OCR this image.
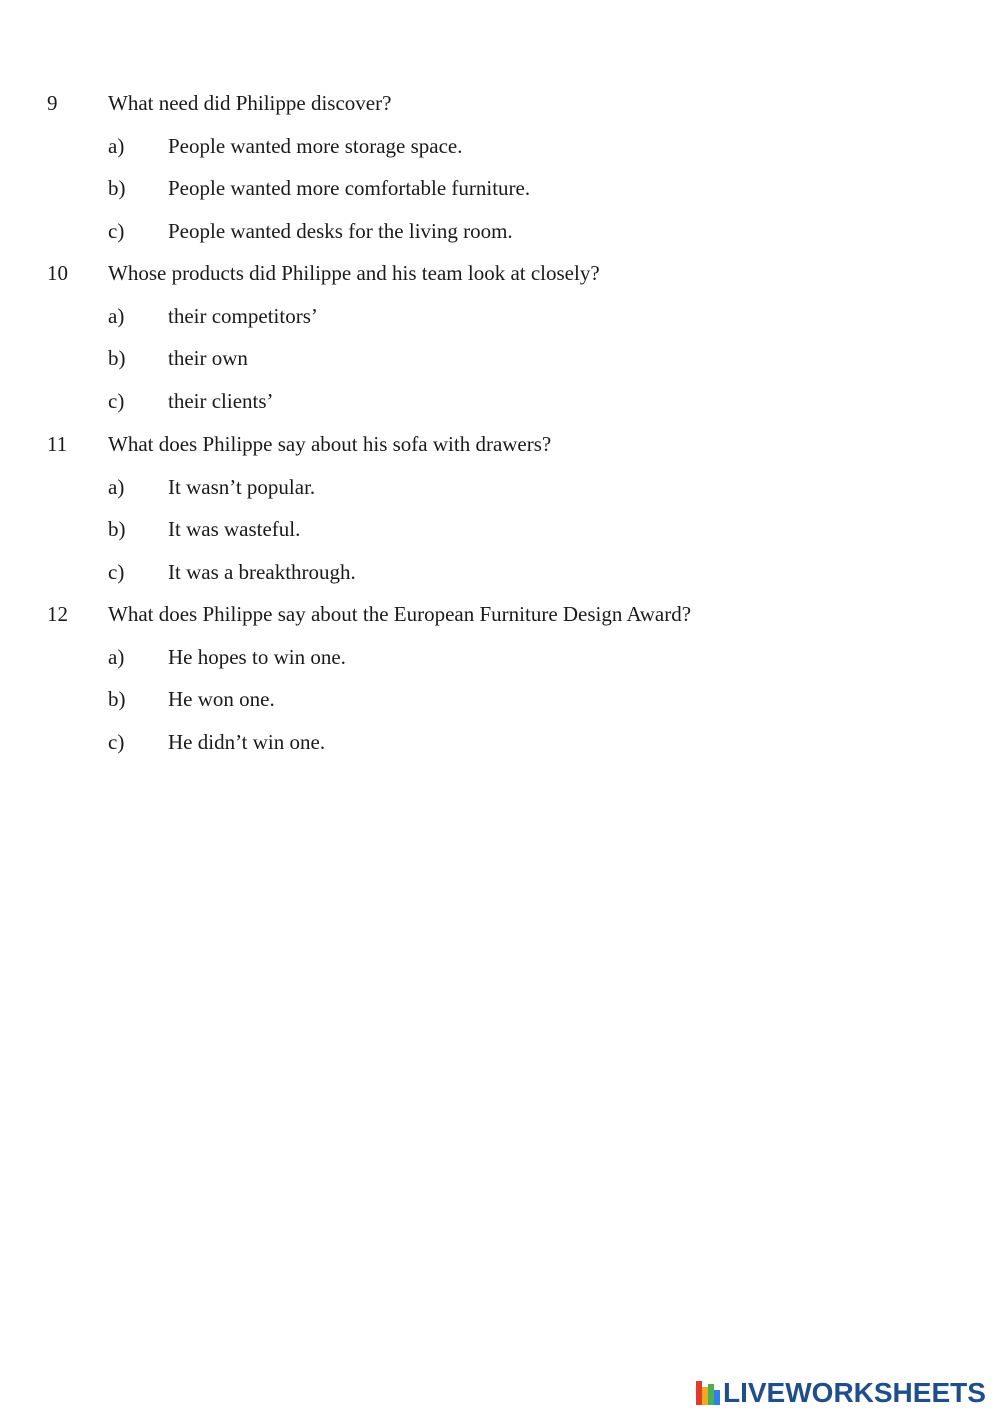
9 What need did Philippe discover?
a) People wanted more storage space.
b) People wanted more comfortable furniture.
c) People wanted desks for the living room.
10 Whose products did Philippe and his team look at closely?
a) their competitors’
b) their own
c) their clients’
11 What does Philippe say about his sofa with drawers?
a) It wasn’t popular.
b) It was wasteful.
c) It was a breakthrough.
12 What does Philippe say about the European Furniture Design Award?
a) He hopes to win one.
b) He won one.
c) He didn’t win one.
LIVEWORKSHEETS
